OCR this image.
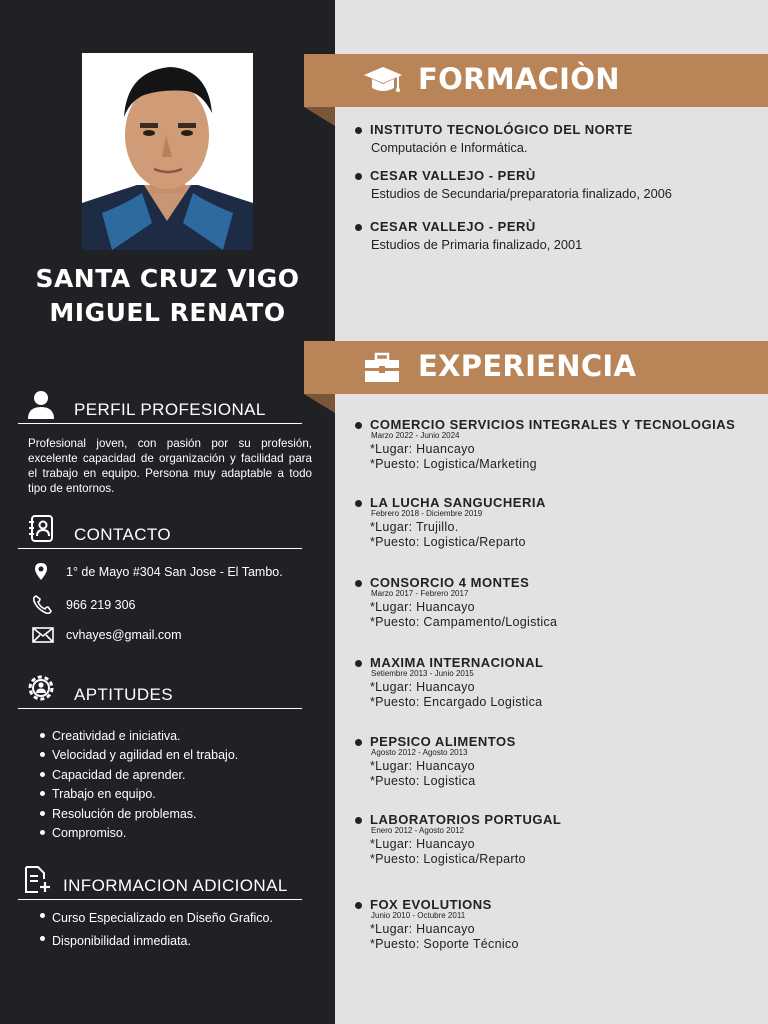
SANTA CRUZ VIGO
MIGUEL RENATO
PERFIL PROFESIONAL
Profesional joven, con pasión por su profesión, excelente capacidad de organización y facilidad para el trabajo en equipo. Persona muy adaptable a todo tipo de entornos.
CONTACTO
1° de Mayo #304 San Jose - El Tambo.
966 219 306
cvhayes@gmail.com
APTITUDES
Creatividad e iniciativa.
Velocidad y agilidad en el trabajo.
Capacidad de aprender.
Trabajo en equipo.
Resolución de problemas.
Compromiso.
INFORMACION ADICIONAL
Curso Especializado en Diseño Grafico.
Disponibilidad inmediata.
FORMACIÒN
INSTITUTO TECNOLÓGICO DEL NORTE
Computación e Informática.
CESAR VALLEJO - PERÙ
Estudios de Secundaria/preparatoria finalizado, 2006
CESAR VALLEJO - PERÙ
Estudios de Primaria finalizado, 2001
EXPERIENCIA
COMERCIO SERVICIOS INTEGRALES Y TECNOLOGIAS
Marzo 2022 - Junio 2024
*Lugar: Huancayo
*Puesto: Logistica/Marketing
LA LUCHA SANGUCHERIA
Febrero 2018 - Diciembre 2019
*Lugar: Trujillo.
*Puesto: Logistica/Reparto
CONSORCIO 4 MONTES
Marzo 2017 - Febrero 2017
*Lugar: Huancayo
*Puesto: Campamento/Logistica
MAXIMA INTERNACIONAL
Setiembre 2013 - Junio 2015
*Lugar: Huancayo
*Puesto: Encargado Logistica
PEPSICO ALIMENTOS
Agosto 2012 - Agosto 2013
*Lugar: Huancayo
*Puesto: Logistica
LABORATORIOS PORTUGAL
Enero 2012 - Agosto 2012
*Lugar: Huancayo
*Puesto: Logistica/Reparto
FOX EVOLUTIONS
Junio 2010 - Octubre 2011
*Lugar: Huancayo
*Puesto: Soporte Técnico
